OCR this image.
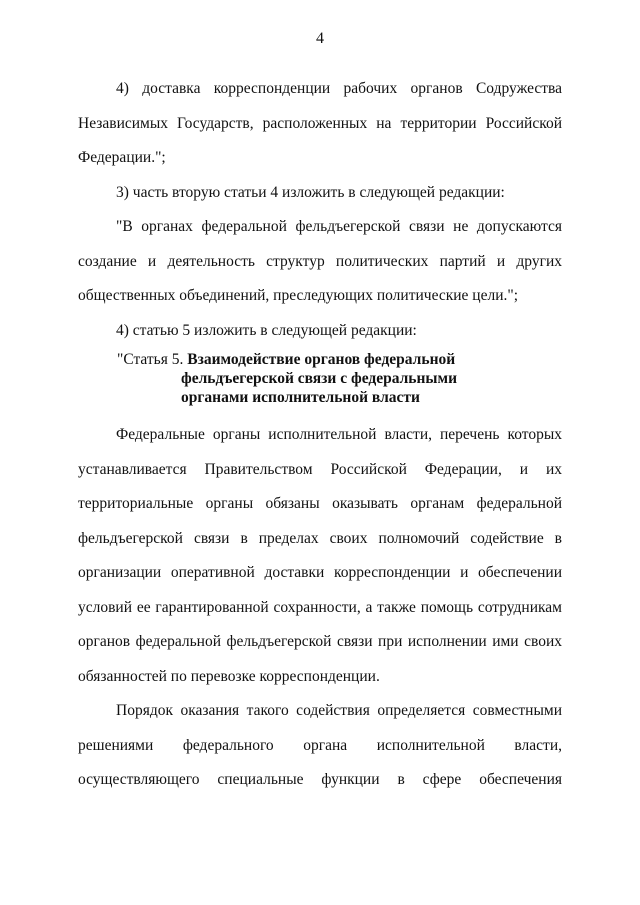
4
4) доставка корреспонденции рабочих органов Содружества
Независимых Государств, расположенных на территории Российской
Федерации.";
3) часть вторую статьи 4 изложить в следующей редакции:
"В органах федеральной фельдъегерской связи не допускаются
создание и деятельность структур политических партий и других
общественных объединений, преследующих политические цели.";
4) статью 5 изложить в следующей редакции:
"Статья 5. Взаимодействие органов федеральной
фельдъегерской связи с федеральными
органами исполнительной власти
Федеральные органы исполнительной власти, перечень которых
устанавливается Правительством Российской Федерации, и их
территориальные органы обязаны оказывать органам федеральной
фельдъегерской связи в пределах своих полномочий содействие в
организации оперативной доставки корреспонденции и обеспечении
условий ее гарантированной сохранности, а также помощь сотрудникам
органов федеральной фельдъегерской связи при исполнении ими своих
обязанностей по перевозке корреспонденции.
Порядок оказания такого содействия определяется совместными
решениями федерального органа исполнительной власти,
осуществляющего специальные функции в сфере обеспечения
